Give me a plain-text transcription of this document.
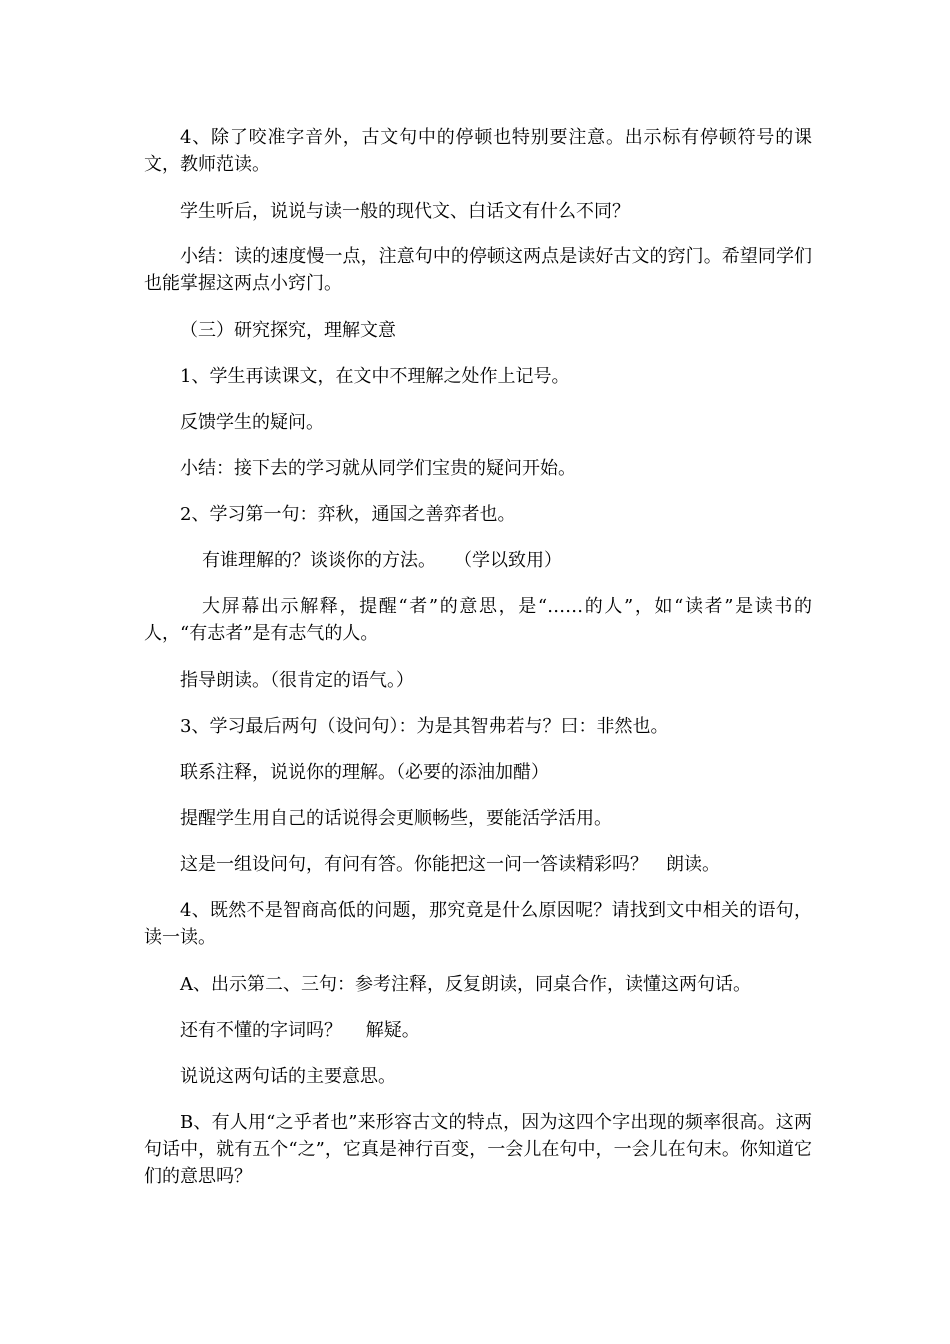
4、除了咬准字音外，古文句中的停顿也特别要注意。出示标有停顿符号的课文，教师范读。

学生听后，说说与读一般的现代文、白话文有什么不同？

小结：读的速度慢一点，注意句中的停顿这两点是读好古文的窍门。希望同学们也能掌握这两点小窍门。

（三）研究探究，理解文意

1、学生再读课文，在文中不理解之处作上记号。

反馈学生的疑问。

小结：接下去的学习就从同学们宝贵的疑问开始。

2、学习第一句：弈秋，通国之善弈者也。

有谁理解的？谈谈你的方法。　　（学以致用）

大屏幕出示解释，提醒“者”的意思，是“……的人”，如“读者”是读书的人，“有志者”是有志气的人。

指导朗读。（很肯定的语气。）

3、学习最后两句（设问句）：为是其智弗若与？曰：非然也。

联系注释，说说你的理解。（必要的添油加醋）

提醒学生用自己的话说得会更顺畅些，要能活学活用。

这是一组设问句，有问有答。你能把这一问一答读精彩吗？　朗读。

4、既然不是智商高低的问题，那究竟是什么原因呢？请找到文中相关的语句，读一读。

A、出示第二、三句：参考注释，反复朗读，同桌合作，读懂这两句话。

还有不懂的字词吗？　 解疑。

说说这两句话的主要意思。

B、有人用“之乎者也”来形容古文的特点，因为这四个字出现的频率很高。这两句话中，就有五个“之”，它真是神行百变，一会儿在句中，一会儿在句末。你知道它们的意思吗？
